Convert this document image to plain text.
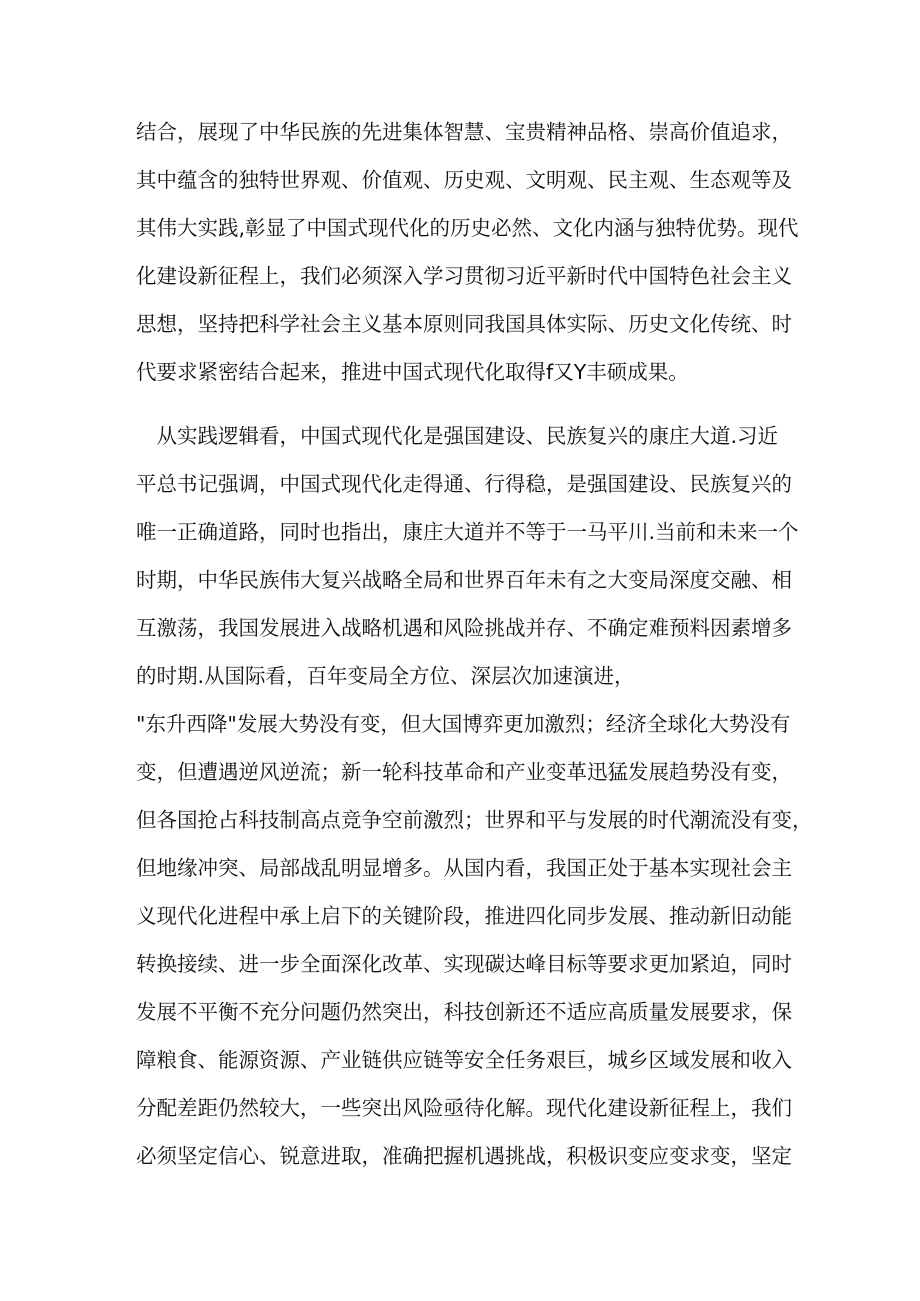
结合，展现了中华民族的先进集体智慧、宝贵精神品格、崇高价值追求，
其中蕴含的独特世界观、价值观、历史观、文明观、民主观、生态观等及
其伟大实践,彰显了中国式现代化的历史必然、文化内涵与独特优势。现代
化建设新征程上，我们必须深入学习贯彻习近平新时代中国特色社会主义
思想，坚持把科学社会主义基本原则同我国具体实际、历史文化传统、时
代要求紧密结合起来，推进中国式现代化取得f又Y丰硕成果。
　从实践逻辑看，中国式现代化是强国建设、民族复兴的康庄大道.习近
平总书记强调，中国式现代化走得通、行得稳，是强国建设、民族复兴的
唯一正确道路，同时也指出，康庄大道并不等于一马平川.当前和未来一个
时期，中华民族伟大复兴战略全局和世界百年未有之大变局深度交融、相
互激荡，我国发展进入战略机遇和风险挑战并存、不确定难预料因素增多
的时期.从国际看，百年变局全方位、深层次加速演进，
"东升西降"发展大势没有变，但大国博弈更加激烈；经济全球化大势没有
变，但遭遇逆风逆流；新一轮科技革命和产业变革迅猛发展趋势没有变，
但各国抢占科技制高点竞争空前激烈；世界和平与发展的时代潮流没有变，
但地缘冲突、局部战乱明显增多。从国内看，我国正处于基本实现社会主
义现代化进程中承上启下的关键阶段，推进四化同步发展、推动新旧动能
转换接续、进一步全面深化改革、实现碳达峰目标等要求更加紧迫，同时
发展不平衡不充分问题仍然突出，科技创新还不适应高质量发展要求，保
障粮食、能源资源、产业链供应链等安全任务艰巨，城乡区域发展和收入
分配差距仍然较大，一些突出风险亟待化解。现代化建设新征程上，我们
必须坚定信心、锐意进取，准确把握机遇挑战，积极识变应变求变，坚定
